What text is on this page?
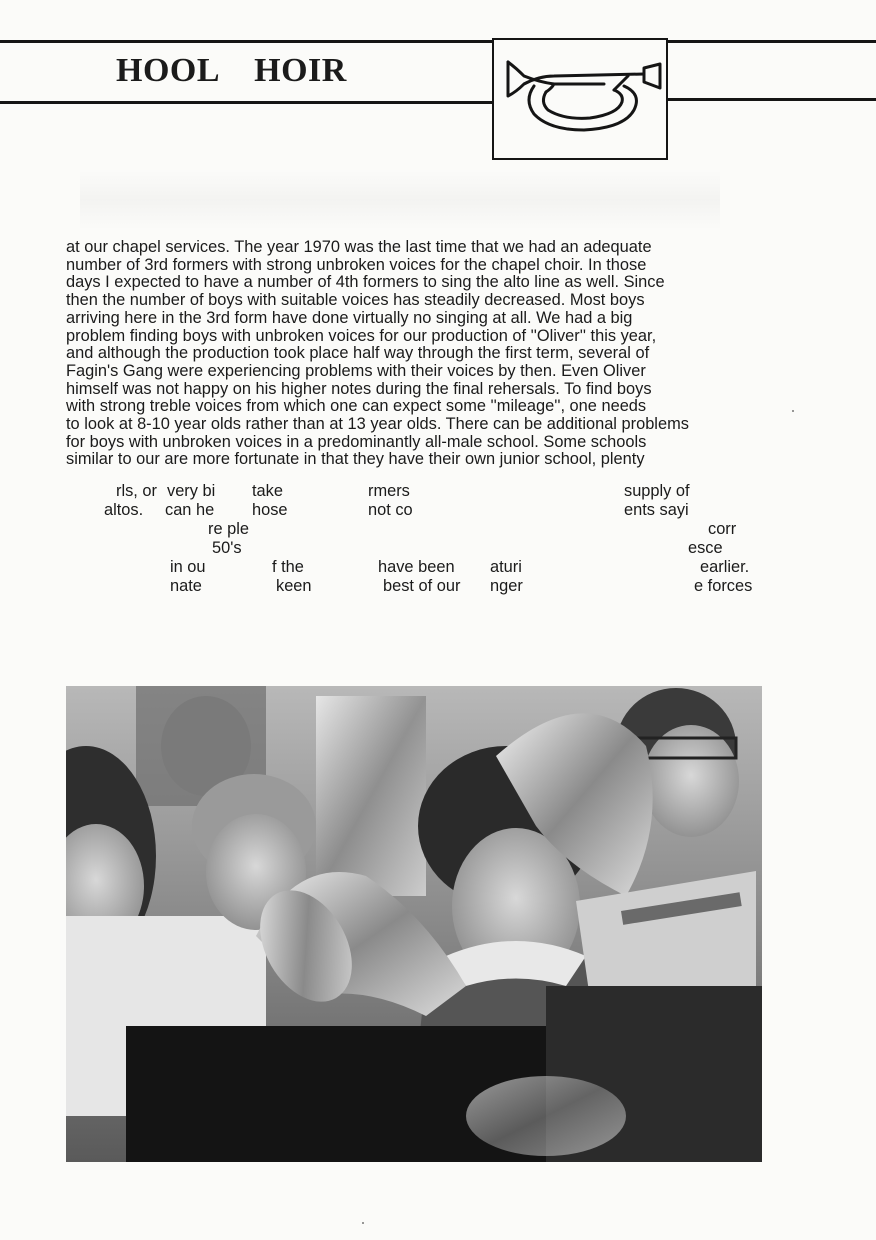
HOOL    HOIR

at our chapel services. The year 1970 was the last time that we had an adequate

number of 3rd formers with strong unbroken voices for the chapel choir. In those

days I expected to have a number of 4th formers to sing the alto line as well. Since

then the number of boys with suitable voices has steadily decreased. Most boys

arriving here in the 3rd form have done virtually no singing at all. We had a big

problem finding boys with unbroken voices for our production of ''Oliver'' this year,

and although the production took place half way through the first term, several of

Fagin's Gang were experiencing problems with their voices by then. Even Oliver

himself was not happy on his higher notes during the final rehersals. To find boys

with strong treble voices from which one can expect some ''mileage'', one needs

to look at 8-10 year olds rather than at 13 year olds. There can be additional problems

for boys with unbroken voices in a predominantly all-male school. Some schools

similar to our are more fortunate in that they have their own junior school, plenty

rls, or very bi take	rmers	supply of
altos. can he hose	not co	ents sayi
re ple	corr
50's	esce
in ou	f the	have been aturi	earlier.
nate	keen	best of our nger	e forces
